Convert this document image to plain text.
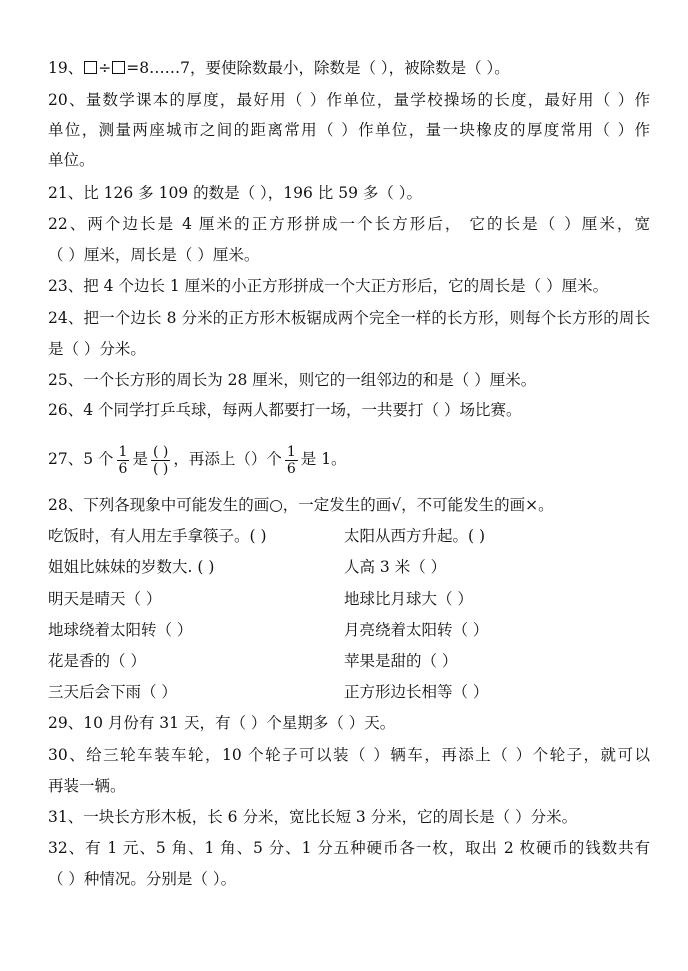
19、 ÷ =8……7，要使除数最小，除数是（ ），被除数是（ ）。
20、量数学课本的厚度，最好用（ ）作单位，量学校操场的长度，最好用（ ）作
单位，测量两座城市之间的距离常用（ ）作单位，量一块橡皮的厚度常用（ ）作
单位。
21、比 126 多 109 的数是（ ），196 比 59 多（ ）。
22、两个边长是 4 厘米的正方形拼成一个长方形后， 它的长是（ ）厘米，宽
（ ）厘米，周长是（ ）厘米。
23、把 4 个边长 1 厘米的小正方形拼成一个大正方形后，它的周长是（ ）厘米。
24、把一个边长 8 分米的正方形木板锯成两个完全一样的长方形，则每个长方形的周长
是（ ）分米。
25、一个长方形的周长为 28 厘米，则它的一组邻边的和是（ ）厘米。
26、4 个同学打乒乓球，每两人都要打一场，一共要打（ ）场比赛。
27、5 个 $\frac{1}{6}$ 是 $\frac{( )}{( )}$ ，再添上（）个 $\frac{1}{6}$ 是 1。
28、下列各现象中可能发生的画○，一定发生的画√，不可能发生的画×。
吃饭时，有人用左手拿筷子。( )	太阳从西方升起。( )
姐姐比妹妹的岁数大. ( )	人高 3 米（ ）
明天是晴天（ ）	地球比月球大（ ）
地球绕着太阳转（ ）	月亮绕着太阳转（ ）
花是香的（ ）	苹果是甜的（ ）
三天后会下雨（ ）	正方形边长相等（ ）
29、10 月份有 31 天，有（ ）个星期多（ ）天。
30、给三轮车装车轮，10 个轮子可以装（ ）辆车，再添上（ ）个轮子，就可以
再装一辆。
31、一块长方形木板，长 6 分米，宽比长短 3 分米，它的周长是（ ）分米。
32、有 1 元、5 角、1 角、5 分、1 分五种硬币各一枚，取出 2 枚硬币的钱数共有
（ ）种情况。分别是（ ）。
